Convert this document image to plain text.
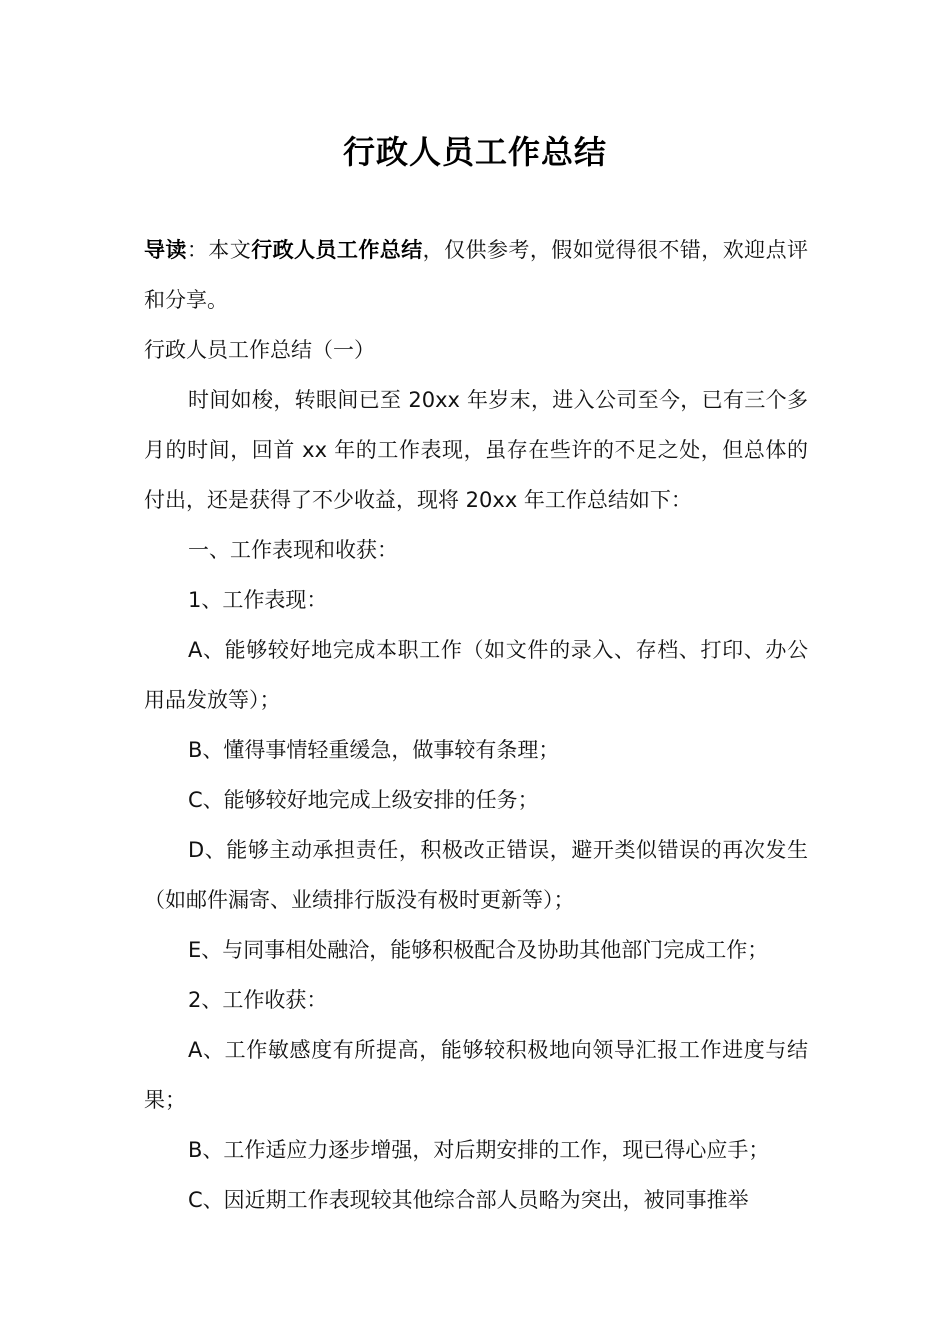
行政人员工作总结

导读：本文行政人员工作总结，仅供参考，假如觉得很不错，欢迎点评和分享。

行政人员工作总结（一）

时间如梭，转眼间已至 20xx 年岁末，进入公司至今，已有三个多月的时间，回首 xx 年的工作表现，虽存在些许的不足之处，但总体的付出，还是获得了不少收益，现将 20xx 年工作总结如下：

一、工作表现和收获：

1、工作表现：

A、能够较好地完成本职工作（如文件的录入、存档、打印、办公用品发放等）；

B、懂得事情轻重缓急，做事较有条理；

C、能够较好地完成上级安排的任务；

D、能够主动承担责任，积极改正错误，避开类似错误的再次发生（如邮件漏寄、业绩排行版没有极时更新等）；

E、与同事相处融洽，能够积极配合及协助其他部门完成工作；

2、工作收获：

A、工作敏感度有所提高，能够较积极地向领导汇报工作进度与结果；

B、工作适应力逐步增强，对后期安排的工作，现已得心应手；

C、因近期工作表现较其他综合部人员略为突出，被同事推举
